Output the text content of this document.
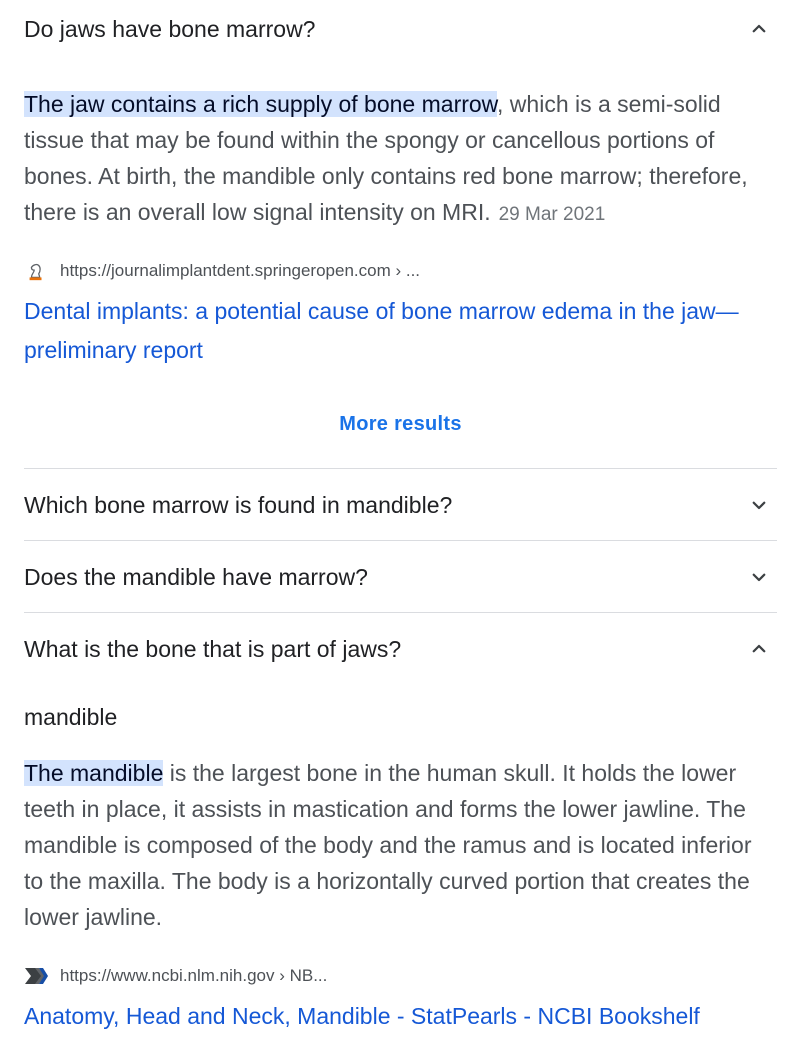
Do jaws have bone marrow?

The jaw contains a rich supply of bone marrow, which is a semi-solid tissue that may be found within the spongy or cancellous portions of bones. At birth, the mandible only contains red bone marrow; therefore, there is an overall low signal intensity on MRI. 29 Mar 2021

https://journalimplantdent.springeropen.com › ...
Dental implants: a potential cause of bone marrow edema in the jaw—preliminary report
More results
Which bone marrow is found in mandible?
Does the mandible have marrow?
What is the bone that is part of jaws?
mandible

The mandible is the largest bone in the human skull. It holds the lower teeth in place, it assists in mastication and forms the lower jawline. The mandible is composed of the body and the ramus and is located inferior to the maxilla. The body is a horizontally curved portion that creates the lower jawline.

https://www.ncbi.nlm.nih.gov › NB...
Anatomy, Head and Neck, Mandible - StatPearls - NCBI Bookshelf
